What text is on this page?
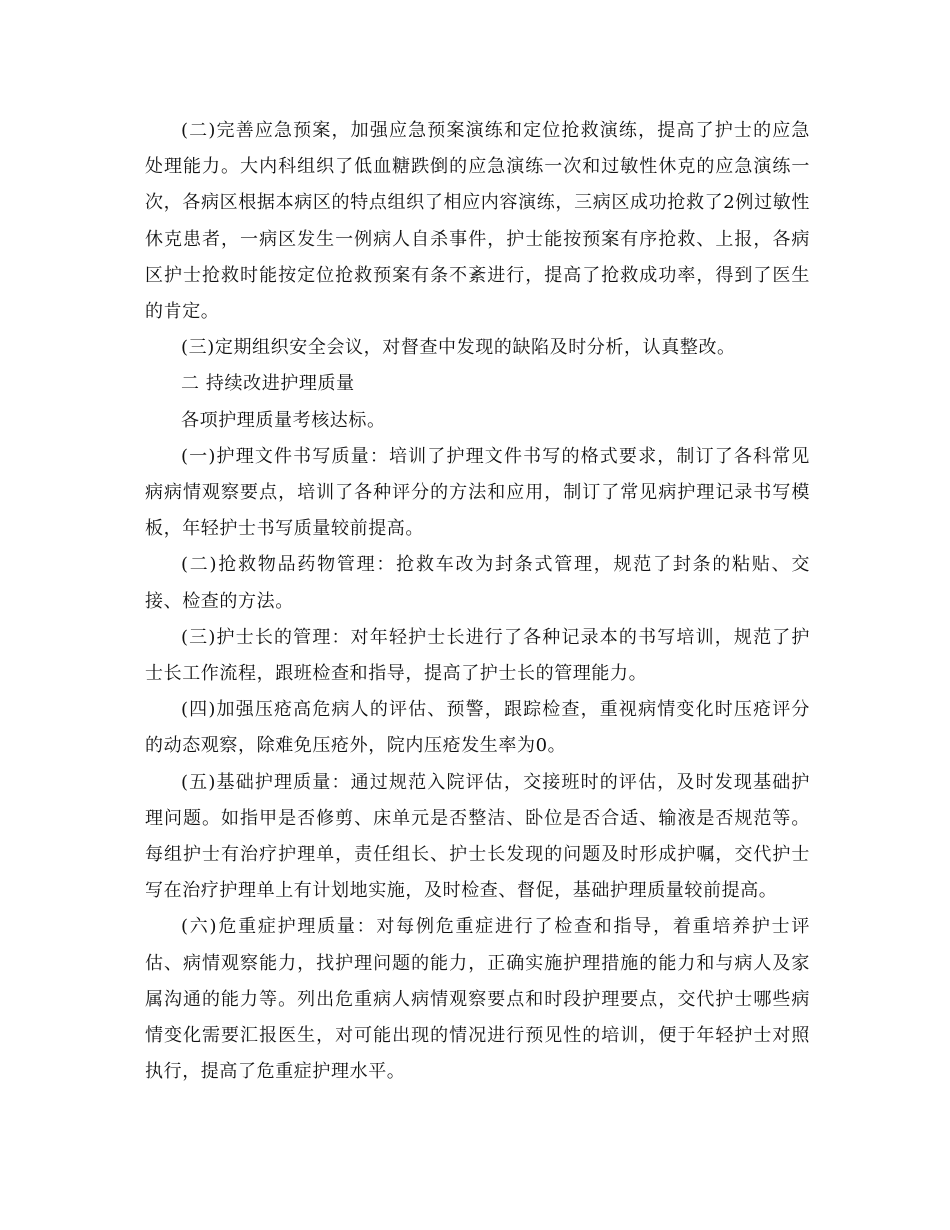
(二)完善应急预案，加强应急预案演练和定位抢救演练，提高了护士的应急处理能力。大内科组织了低血糖跌倒的应急演练一次和过敏性休克的应急演练一次，各病区根据本病区的特点组织了相应内容演练，三病区成功抢救了2例过敏性休克患者，一病区发生一例病人自杀事件，护士能按预案有序抢救、上报，各病区护士抢救时能按定位抢救预案有条不紊进行，提高了抢救成功率，得到了医生的肯定。

(三)定期组织安全会议，对督查中发现的缺陷及时分析，认真整改。

二 持续改进护理质量

各项护理质量考核达标。

(一)护理文件书写质量：培训了护理文件书写的格式要求，制订了各科常见病病情观察要点，培训了各种评分的方法和应用，制订了常见病护理记录书写模板，年轻护士书写质量较前提高。

(二)抢救物品药物管理：抢救车改为封条式管理，规范了封条的粘贴、交接、检查的方法。

(三)护士长的管理：对年轻护士长进行了各种记录本的书写培训，规范了护士长工作流程，跟班检查和指导，提高了护士长的管理能力。

(四)加强压疮高危病人的评估、预警，跟踪检查，重视病情变化时压疮评分的动态观察，除难免压疮外，院内压疮发生率为0。

(五)基础护理质量：通过规范入院评估，交接班时的评估，及时发现基础护理问题。如指甲是否修剪、床单元是否整洁、卧位是否合适、输液是否规范等。每组护士有治疗护理单，责任组长、护士长发现的问题及时形成护嘱，交代护士写在治疗护理单上有计划地实施，及时检查、督促，基础护理质量较前提高。

(六)危重症护理质量：对每例危重症进行了检查和指导，着重培养护士评估、病情观察能力，找护理问题的能力，正确实施护理措施的能力和与病人及家属沟通的能力等。列出危重病人病情观察要点和时段护理要点，交代护士哪些病情变化需要汇报医生，对可能出现的情况进行预见性的培训，便于年轻护士对照执行，提高了危重症护理水平。
